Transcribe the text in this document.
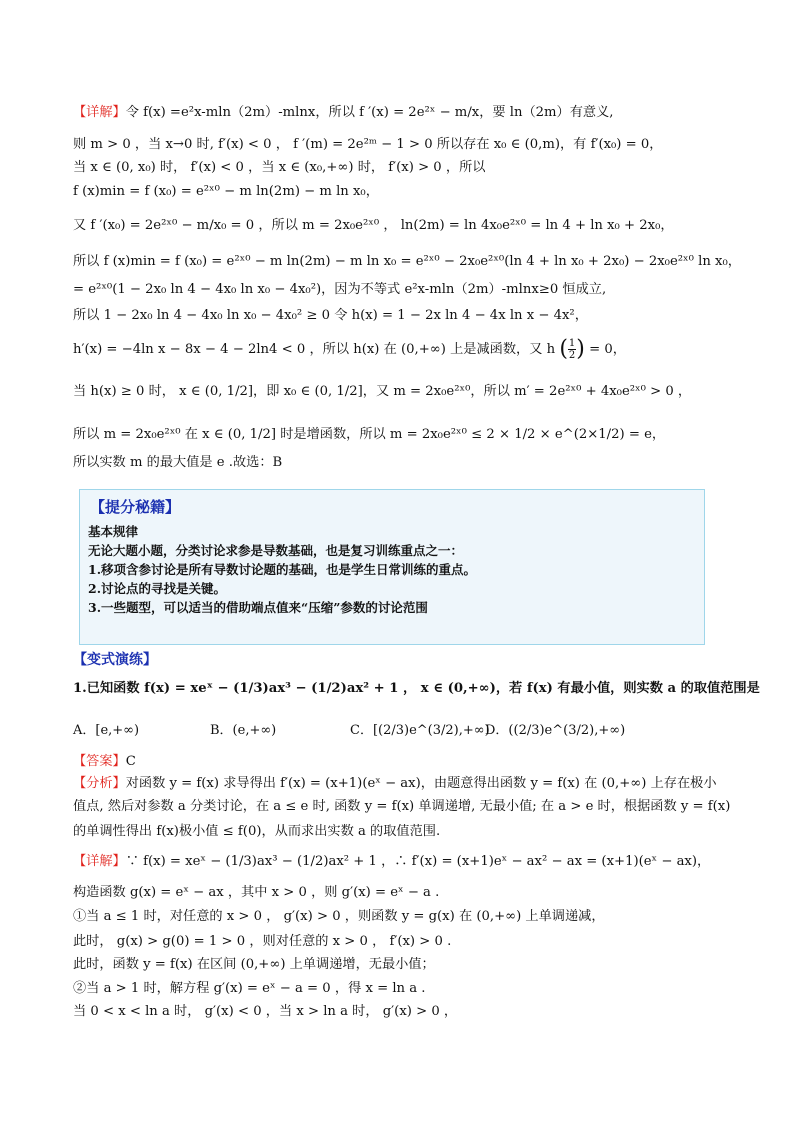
【详解】令 f(x) =e²x-mln（2m）-mlnx，所以 f ′(x) = 2e²ˣ − m/x，要 ln（2m）有意义,
则 m > 0 ，当 x→0 时, f′(x) < 0 ， f ′(m) = 2e²ᵐ − 1 > 0 所以存在 x₀ ∈ (0,m)，有 f′(x₀) = 0，
当 x ∈ (0, x₀) 时， f′(x) < 0 ，当 x ∈ (x₀,+∞) 时， f′(x) > 0 ，所以
f (x)min = f (x₀) = e²ˣ⁰ − m ln(2m) − m ln x₀，
又 f ′(x₀) = 2e²ˣ⁰ − m/x₀ = 0 ，所以 m = 2x₀e²ˣ⁰ ， ln(2m) = ln 4x₀e²ˣ⁰ = ln 4 + ln x₀ + 2x₀，
所以 f (x)min = f (x₀) = e²ˣ⁰ − m ln(2m) − m ln x₀ = e²ˣ⁰ − 2x₀e²ˣ⁰(ln 4 + ln x₀ + 2x₀) − 2x₀e²ˣ⁰ ln x₀，
= e²ˣ⁰(1 − 2x₀ ln 4 − 4x₀ ln x₀ − 4x₀²)，因为不等式 e²x-mln（2m）-mlnx≥0 恒成立,
所以 1 − 2x₀ ln 4 − 4x₀ ln x₀ − 4x₀² ≥ 0 令 h(x) = 1 − 2x ln 4 − 4x ln x − 4x²，
h′(x) = −4ln x − 8x − 4 − 2ln4 < 0 ，所以 h(x) 在 (0,+∞) 上是减函数，又 h ( $\frac{1}{2}$ ) = 0，
当 h(x) ≥ 0 时， x ∈ (0, 1/2]，即 x₀ ∈ (0, 1/2]，又 m = 2x₀e²ˣ⁰，所以 m′ = 2e²ˣ⁰ + 4x₀e²ˣ⁰ > 0 ，
所以 m = 2x₀e²ˣ⁰ 在 x ∈ (0, 1/2] 时是增函数，所以 m = 2x₀e²ˣ⁰ ≤ 2 × 1/2 × e^(2×1/2) = e，
所以实数 m 的最大值是 e .故选：B
【提分秘籍】
基本规律
无论大题小题，分类讨论求参是导数基础，也是复习训练重点之一：
1.移项含参讨论是所有导数讨论题的基础，也是学生日常训练的重点。
2.讨论点的寻找是关键。
3.一些题型，可以适当的借助端点值来“压缩”参数的讨论范围
【变式演练】
1.已知函数 f(x) = xeˣ − (1/3)ax³ − (1/2)ax² + 1 ， x ∈ (0,+∞)，若 f(x) 有最小值，则实数 a 的取值范围是
A．[e,+∞)	B．(e,+∞)	C．[(2/3)e^(3/2),+∞)
D．((2/3)e^(3/2),+∞)
【答案】C
【分析】对函数 y = f(x) 求导得出 f′(x) = (x+1)(eˣ − ax)，由题意得出函数 y = f(x) 在 (0,+∞) 上存在极小
值点, 然后对参数 a 分类讨论，在 a ≤ e 时, 函数 y = f(x) 单调递增, 无最小值; 在 a > e 时，根据函数 y = f(x)
的单调性得出 f(x)极小值 ≤ f(0)，从而求出实数 a 的取值范围.
【详解】∵ f(x) = xeˣ − (1/3)ax³ − (1/2)ax² + 1 ，∴ f′(x) = (x+1)eˣ − ax² − ax = (x+1)(eˣ − ax)，
构造函数 g(x) = eˣ − ax ，其中 x > 0 ，则 g′(x) = eˣ − a .
①当 a ≤ 1 时，对任意的 x > 0 ， g′(x) > 0 ，则函数 y = g(x) 在 (0,+∞) 上单调递减，
此时， g(x) > g(0) = 1 > 0 ，则对任意的 x > 0 ， f′(x) > 0 .
此时，函数 y = f(x) 在区间 (0,+∞) 上单调递增，无最小值；
②当 a > 1 时，解方程 g′(x) = eˣ − a = 0 ，得 x = ln a .
当 0 < x < ln a 时， g′(x) < 0 ，当 x > ln a 时， g′(x) > 0 ，
